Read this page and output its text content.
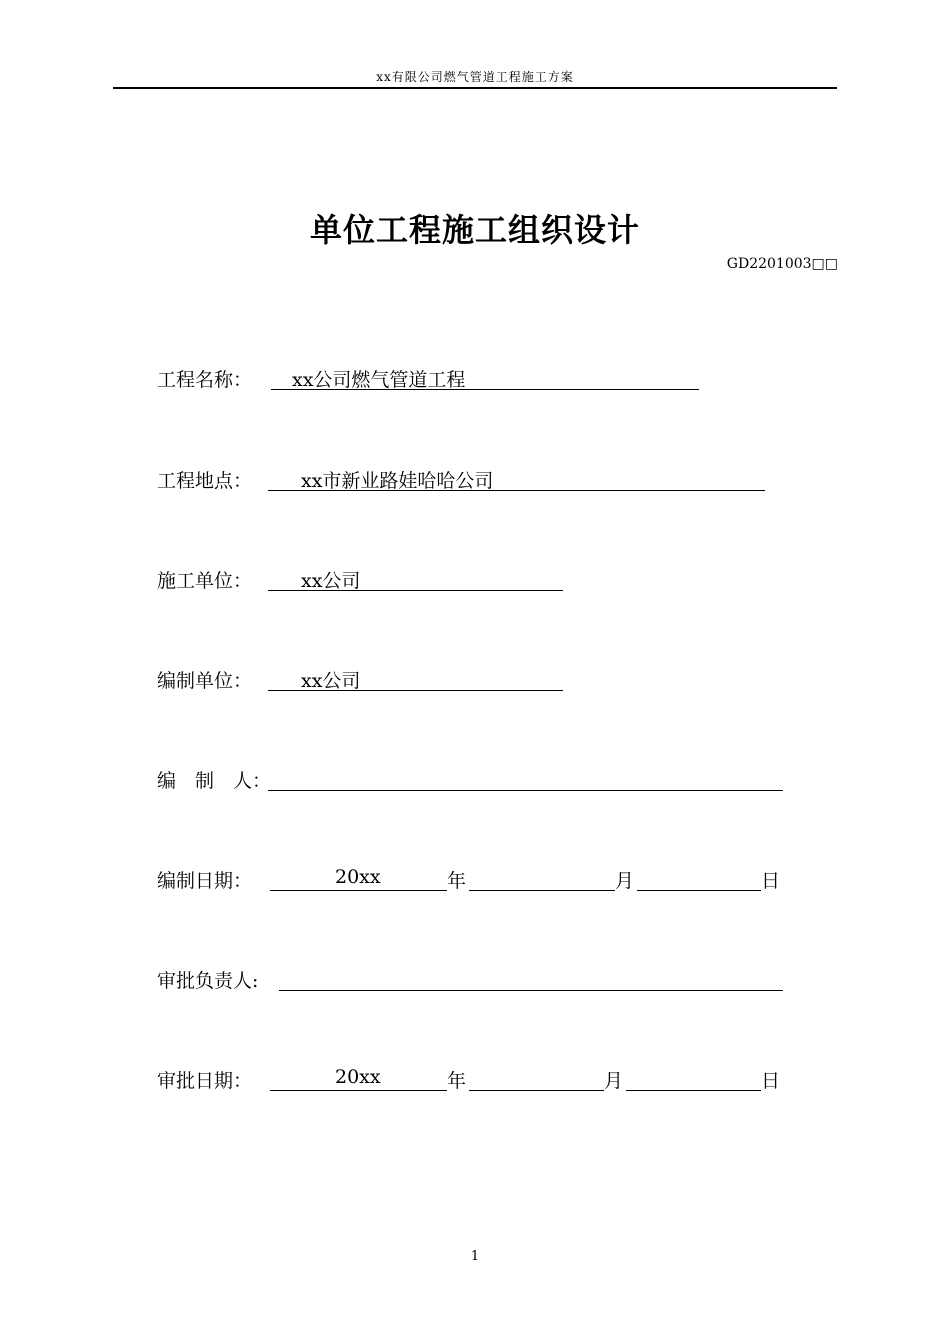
xx有限公司燃气管道工程施工方案
单位工程施工组织设计
GD2201003□□
工程名称： xx公司燃气管道工程
工程地点：	xx市新业路娃哈哈公司
施工单位：	xx公司
编制单位：	xx公司
编　制　人：
编制日期：	20xx	年	月	日
审批负责人:
审批日期：	20xx	年	月	日
1
